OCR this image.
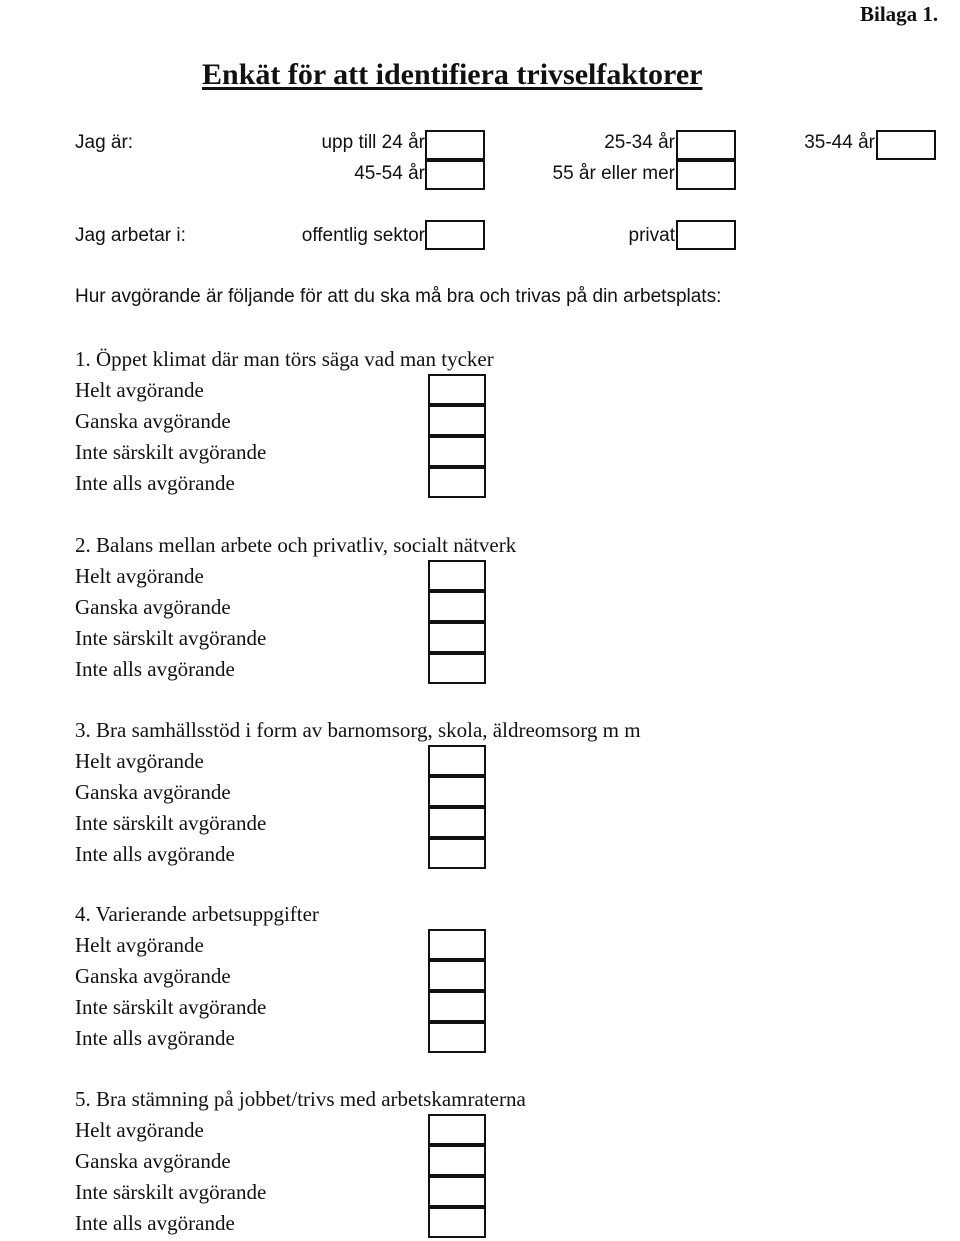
Bilaga 1.
Enkät för att identifiera trivselfaktorer
Jag är:	upp till 24 år	25-34 år	35-44 år
45-54 år	55 år eller mer
Jag arbetar i:	offentlig sektor	privat
Hur avgörande är följande för att du ska må bra och trivas på din arbetsplats:
1. Öppet klimat där man törs säga vad man tycker
Helt avgörande
Ganska avgörande
Inte särskilt avgörande
Inte alls avgörande
2. Balans mellan arbete och privatliv, socialt nätverk
Helt avgörande
Ganska avgörande
Inte särskilt avgörande
Inte alls avgörande
3. Bra samhällsstöd i form av barnomsorg, skola, äldreomsorg m m
Helt avgörande
Ganska avgörande
Inte särskilt avgörande
Inte alls avgörande
4. Varierande arbetsuppgifter
Helt avgörande
Ganska avgörande
Inte särskilt avgörande
Inte alls avgörande
5. Bra stämning på jobbet/trivs med arbetskamraterna
Helt avgörande
Ganska avgörande
Inte särskilt avgörande
Inte alls avgörande
